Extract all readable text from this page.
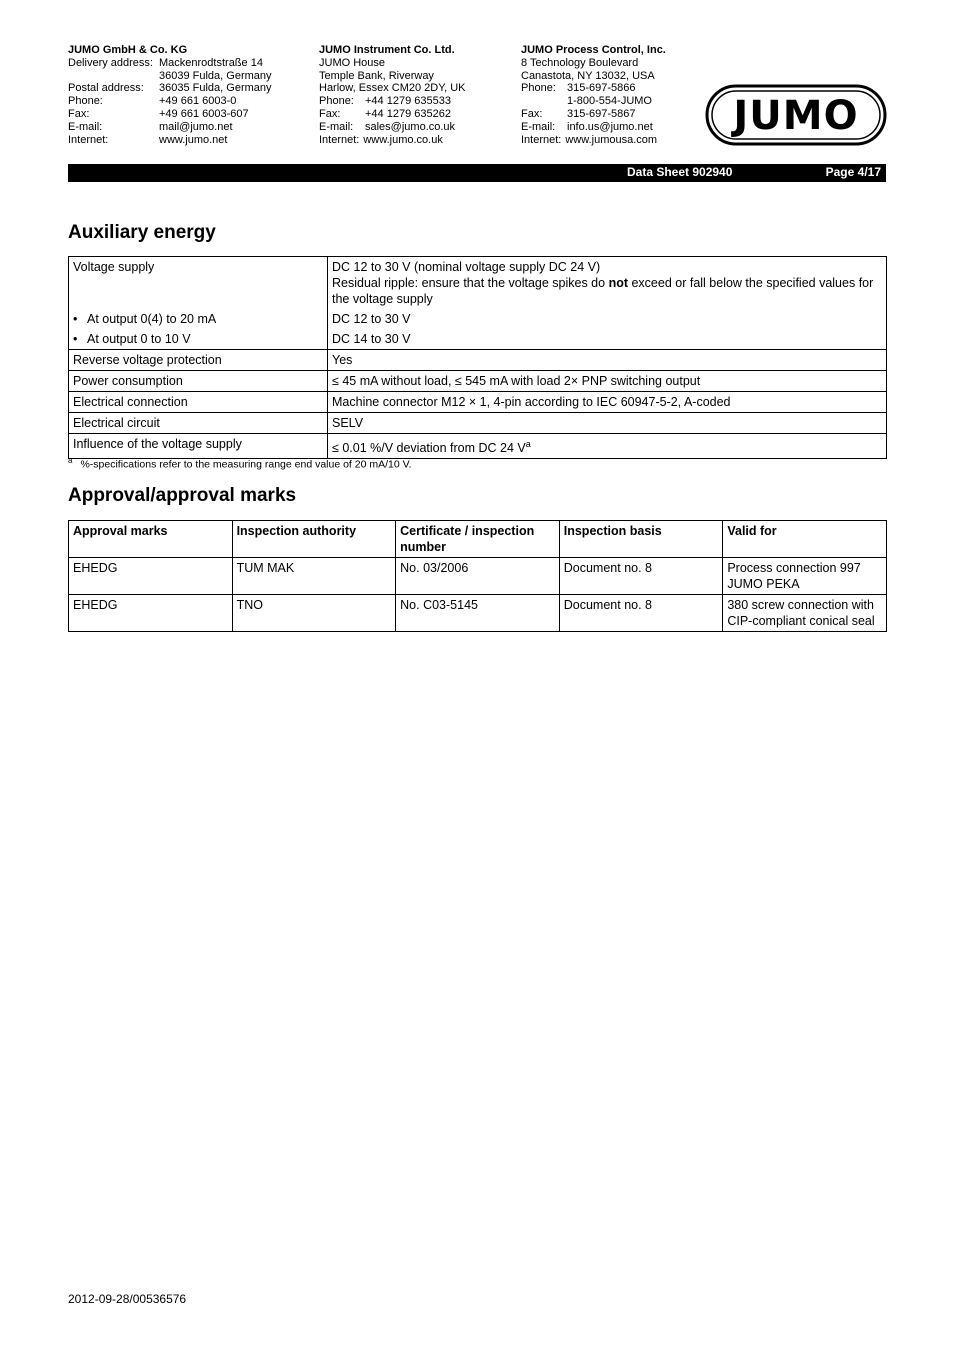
JUMO GmbH & Co. KG
Delivery address: Mackenrodtstraße 14
36039 Fulda, Germany
Postal address:	36035 Fulda, Germany
Phone:	+49 661 6003-0
Fax:	+49 661 6003-607
E-mail:	mail@jumo.net
Internet:	www.jumo.net
JUMO Instrument Co. Ltd.
JUMO House
Temple Bank, Riverway
Harlow, Essex CM20 2DY, UK
Phone:	+44 1279 635533
Fax:	+44 1279 635262
E-mail:	sales@jumo.co.uk
Internet: www.jumo.co.uk
JUMO Process Control, Inc.
8 Technology Boulevard
Canastota, NY 13032, USA
Phone:	315-697-5866
1-800-554-JUMO
Fax:	315-697-5867
E-mail:	info.us@jumo.net
Internet: www.jumousa.com
JUMO
Data Sheet 902940	Page 4/17
Auxiliary energy
Voltage supply	DC 12 to 30 V (nominal voltage supply DC 24 V)
Residual ripple: ensure that the voltage spikes do not exceed or fall below the specified values for the voltage supply

• At output 0(4) to 20 mA	DC 12 to 30 V
• At output 0 to 10 V	DC 14 to 30 V
Reverse voltage protection	Yes
Power consumption	≤ 45 mA without load, ≤ 545 mA with load 2× PNP switching output
Electrical connection	Machine connector M12 × 1, 4-pin according to IEC 60947-5-2, A-coded
Electrical circuit	SELV
Influence of the voltage supply	≤ 0.01 %/V deviation from DC 24 $V^a$
$^a$ %-specifications refer to the measuring range end value of 20 mA/10 V.
Approval/approval marks
Approval marks	Inspection authority	Certificate / inspection number	Inspection basis	Valid for
EHEDG	TUM MAK	No. 03/2006	Document no. 8	Process connection 997 JUMO PEKA
EHEDG	TNO	No. C03-5145	Document no. 8	380 screw connection with CIP-compliant conical seal
2012-09-28/00536576
